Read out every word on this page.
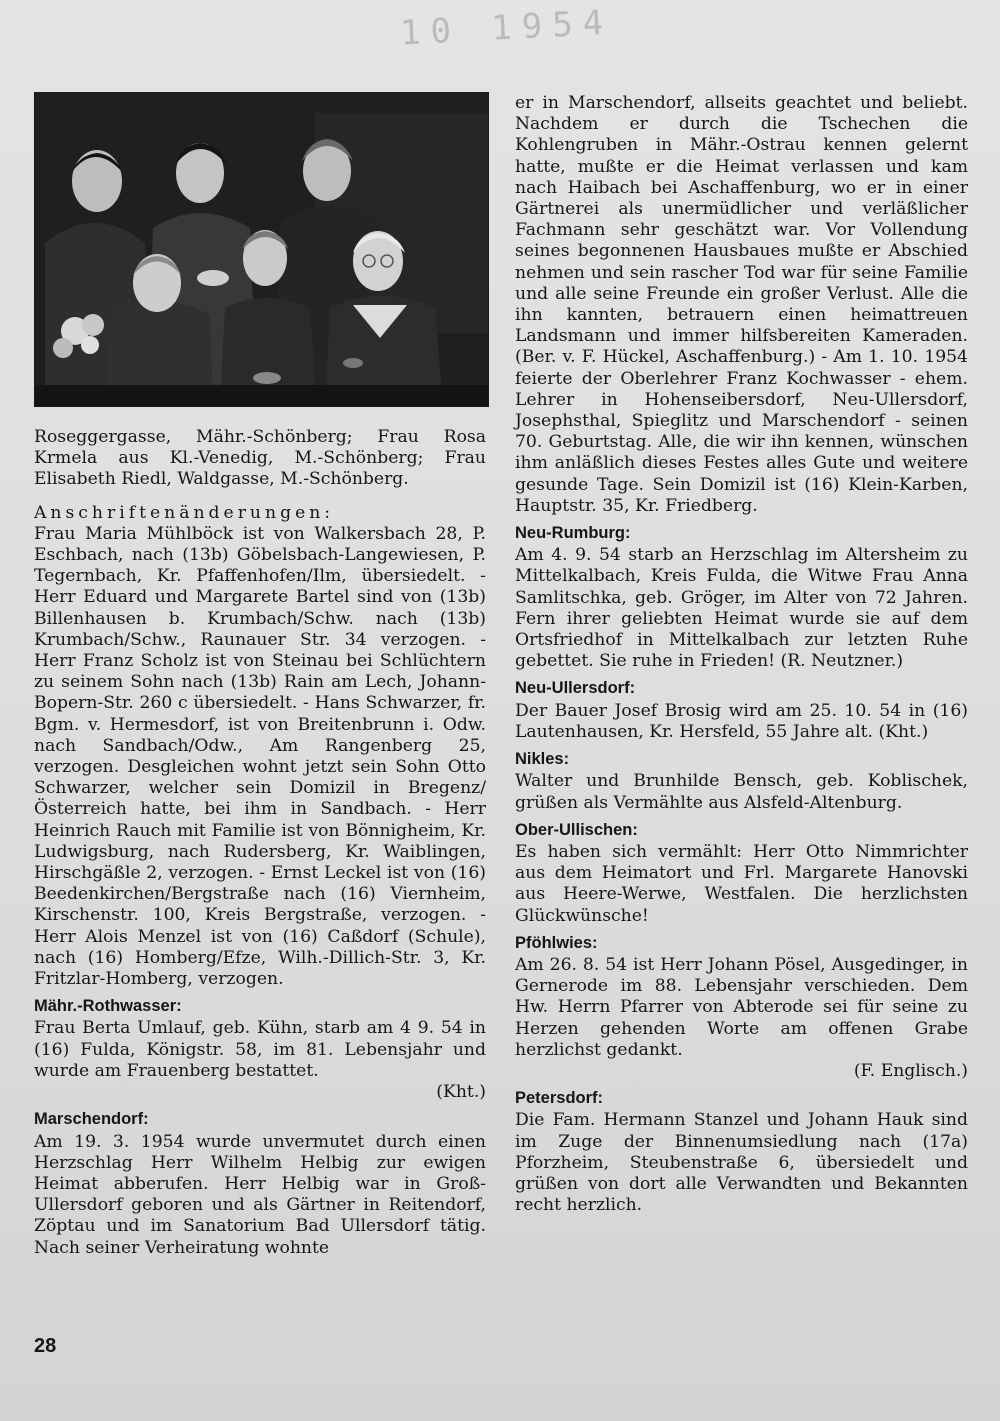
10 1954

Roseggergasse, Mähr.-Schönberg; Frau Rosa Krmela aus Kl.-Venedig, M.-Schönberg; Frau Elisabeth Riedl, Waldgasse, M.-Schönberg.

Anschriftenänderungen:

Frau Maria Mühlböck ist von Walkersbach 28, P. Eschbach, nach (13b) Göbelsbach-Langewiesen, P. Tegernbach, Kr. Pfaffenhofen/Ilm, übersiedelt. - Herr Eduard und Margarete Bartel sind von (13b) Billenhausen b. Krumbach/Schw. nach (13b) Krumbach/Schw., Raunauer Str. 34 verzogen. - Herr Franz Scholz ist von Steinau bei Schlüchtern zu seinem Sohn nach (13b) Rain am Lech, Johann-Bopern-Str. 260 c übersiedelt. - Hans Schwarzer, fr. Bgm. v. Hermesdorf, ist von Breitenbrunn i. Odw. nach Sandbach/Odw., Am Rangenberg 25, verzogen. Desgleichen wohnt jetzt sein Sohn Otto Schwarzer, welcher sein Domizil in Bregenz/Österreich hatte, bei ihm in Sandbach. - Herr Heinrich Rauch mit Familie ist von Bönnigheim, Kr. Ludwigsburg, nach Rudersberg, Kr. Waiblingen, Hirschgäßle 2, verzogen. - Ernst Leckel ist von (16) Beedenkirchen/Bergstraße nach (16) Viernheim, Kirschenstr. 100, Kreis Bergstraße, verzogen. - Herr Alois Menzel ist von (16) Caßdorf (Schule), nach (16) Homberg/Efze, Wilh.-Dillich-Str. 3, Kr. Fritzlar-Homberg, verzogen.

Mähr.-Rothwasser:

Frau Berta Umlauf, geb. Kühn, starb am 4 9. 54 in (16) Fulda, Königstr. 58, im 81. Lebensjahr und wurde am Frauenberg bestattet.

(Kht.)

Marschendorf:

Am 19. 3. 1954 wurde unvermutet durch einen Herzschlag Herr Wilhelm Helbig zur ewigen Heimat abberufen. Herr Helbig war in Groß-Ullersdorf geboren und als Gärtner in Reitendorf, Zöptau und im Sanatorium Bad Ullersdorf tätig. Nach seiner Verheiratung wohnte

er in Marschendorf, allseits geachtet und beliebt. Nachdem er durch die Tschechen die Kohlengruben in Mähr.-Ostrau kennen gelernt hatte, mußte er die Heimat verlassen und kam nach Haibach bei Aschaffenburg, wo er in einer Gärtnerei als unermüdlicher und verläßlicher Fachmann sehr geschätzt war. Vor Vollendung seines begonnenen Hausbaues mußte er Abschied nehmen und sein rascher Tod war für seine Familie und alle seine Freunde ein großer Verlust. Alle die ihn kannten, betrauern einen heimattreuen Landsmann und immer hilfsbereiten Kameraden. (Ber. v. F. Hückel, Aschaffenburg.) - Am 1. 10. 1954 feierte der Oberlehrer Franz Kochwasser - ehem. Lehrer in Hohenseibersdorf, Neu-Ullersdorf, Josephsthal, Spieglitz und Marschendorf - seinen 70. Geburtstag. Alle, die wir ihn kennen, wünschen ihm anläßlich dieses Festes alles Gute und weitere gesunde Tage. Sein Domizil ist (16) Klein-Karben, Hauptstr. 35, Kr. Friedberg.

Neu-Rumburg:

Am 4. 9. 54 starb an Herzschlag im Altersheim zu Mittelkalbach, Kreis Fulda, die Witwe Frau Anna Samlitschka, geb. Gröger, im Alter von 72 Jahren. Fern ihrer geliebten Heimat wurde sie auf dem Ortsfriedhof in Mittelkalbach zur letzten Ruhe gebettet. Sie ruhe in Frieden! (R. Neutzner.)

Neu-Ullersdorf:

Der Bauer Josef Brosig wird am 25. 10. 54 in (16) Lautenhausen, Kr. Hersfeld, 55 Jahre alt. (Kht.)

Nikles:

Walter und Brunhilde Bensch, geb. Koblischek, grüßen als Vermählte aus Alsfeld-Altenburg.

Ober-Ullischen:

Es haben sich vermählt: Herr Otto Nimmrichter aus dem Heimatort und Frl. Margarete Hanovski aus Heere-Werwe, Westfalen. Die herzlichsten Glückwünsche!

Pföhlwies:

Am 26. 8. 54 ist Herr Johann Pösel, Ausgedinger, in Gernerode im 88. Lebensjahr verschieden. Dem Hw. Herrn Pfarrer von Abterode sei für seine zu Herzen gehenden Worte am offenen Grabe herzlichst gedankt.

(F. Englisch.)

Petersdorf:

Die Fam. Hermann Stanzel und Johann Hauk sind im Zuge der Binnenumsiedlung nach (17a) Pforzheim, Steubenstraße 6, übersiedelt und grüßen von dort alle Verwandten und Bekannten recht herzlich.

28
